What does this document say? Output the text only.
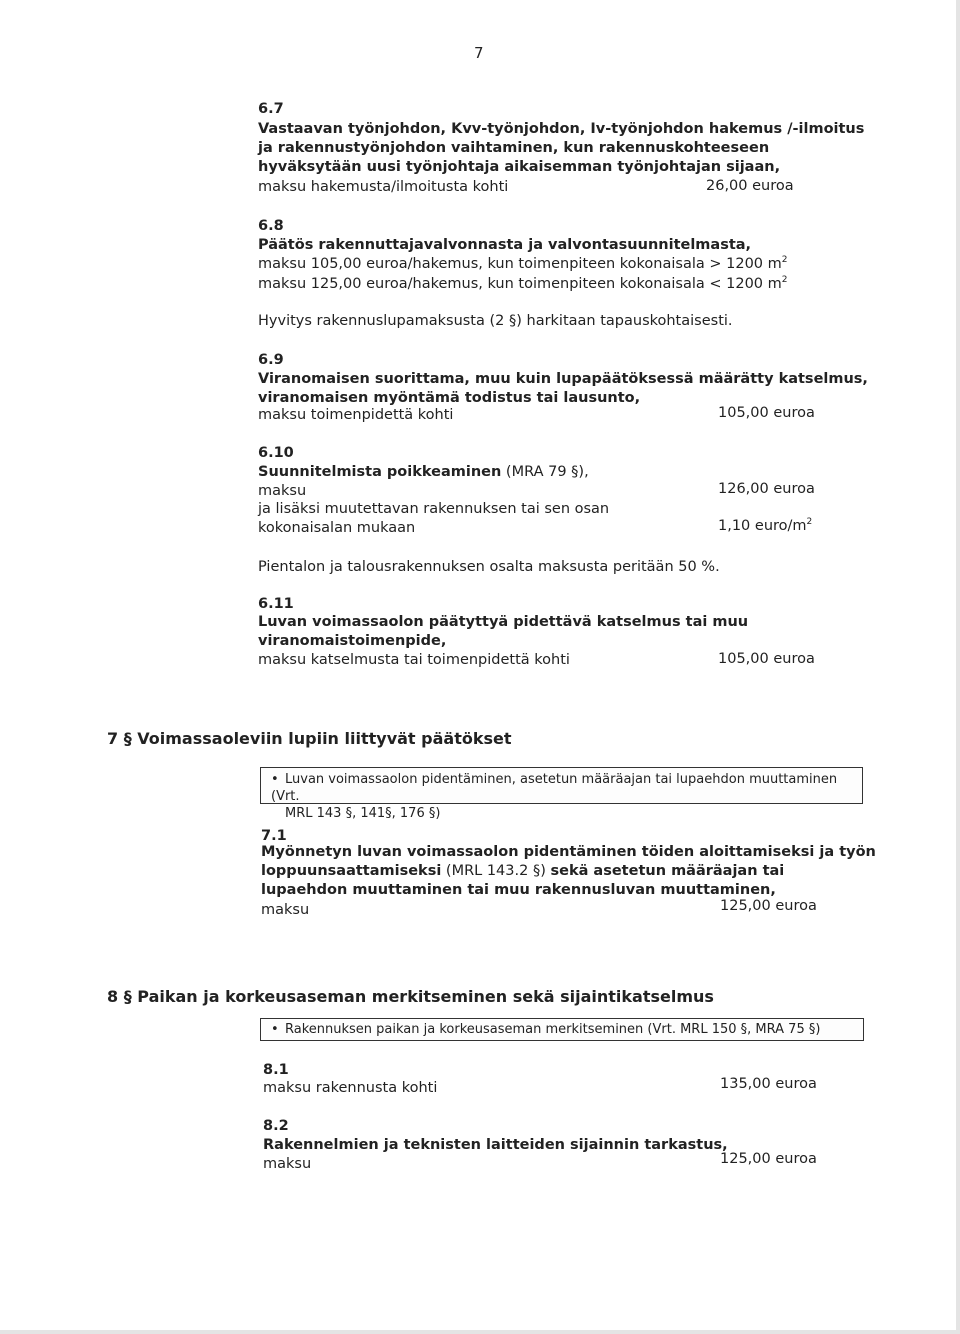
7
6.7
Vastaavan työnjohdon, Kvv-työnjohdon, Iv-työnjohdon hakemus /-ilmoitus
ja rakennustyönjohdon vaihtaminen, kun rakennuskohteeseen
hyväksytään uusi työnjohtaja aikaisemman työnjohtajan sijaan,
maksu hakemusta/ilmoitusta kohti	26,00 euroa
6.8
Päätös rakennuttajavalvonnasta ja valvontasuunnitelmasta,
maksu 105,00 euroa/hakemus, kun toimenpiteen kokonaisala > 1200 $m^2$
maksu 125,00 euroa/hakemus, kun toimenpiteen kokonaisala < 1200 $m^2$
Hyvitys rakennuslupamaksusta (2 §) harkitaan tapauskohtaisesti.
6.9
Viranomaisen suorittama, muu kuin lupapäätöksessä määrätty katselmus,
viranomaisen myöntämä todistus tai lausunto,
maksu toimenpidettä kohti	105,00 euroa
6.10
Suunnitelmista poikkeaminen (MRA 79 §),
maksu	126,00 euroa
ja lisäksi muutettavan rakennuksen tai sen osan
kokonaisalan mukaan	1,10 euro/$m^2$
Pientalon ja talousrakennuksen osalta maksusta peritään 50 %.
6.11
Luvan voimassaolon päätyttyä pidettävä katselmus tai muu
viranomaistoimenpide,
maksu katselmusta tai toimenpidettä kohti	105,00 euroa
7 § Voimassaoleviin lupiin liittyvät päätökset
• Luvan voimassaolon pidentäminen, asetetun määräajan tai lupaehdon muuttaminen (Vrt.
MRL 143 §, 141§, 176 §)
7.1
Myönnetyn luvan voimassaolon pidentäminen töiden aloittamiseksi ja työn
loppuunsaattamiseksi (MRL 143.2 §) sekä asetetun määräajan tai
lupaehdon muuttaminen tai muu rakennusluvan muuttaminen,
maksu	125,00 euroa
8 § Paikan ja korkeusaseman merkitseminen sekä sijaintikatselmus
• Rakennuksen paikan ja korkeusaseman merkitseminen (Vrt. MRL 150 §, MRA 75 §)
8.1
maksu rakennusta kohti	135,00 euroa
8.2
Rakennelmien ja teknisten laitteiden sijainnin tarkastus,
maksu	125,00 euroa
